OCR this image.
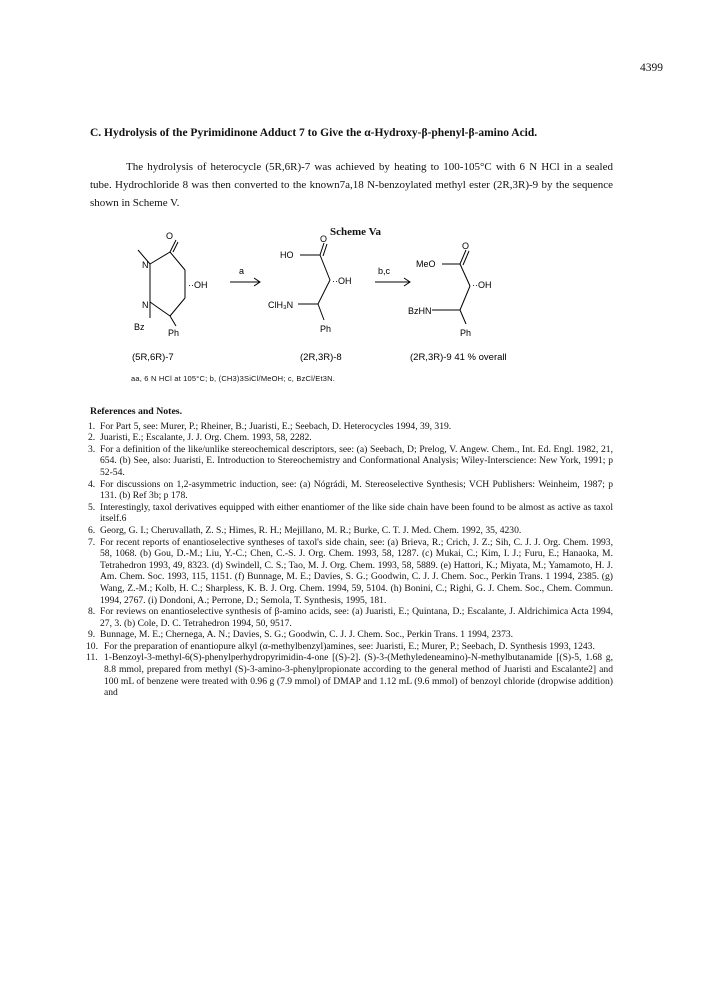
4399
C. Hydrolysis of the Pyrimidinone Adduct 7 to Give the α-Hydroxy-β-phenyl-β-amino Acid.

The hydrolysis of heterocycle (5R,6R)-7 was achieved by heating to 100-105°C with 6 N HCl in a sealed tube. Hydrochloride 8 was then converted to the known7a,18 N-benzoylated methyl ester (2R,3R)-9 by the sequence shown in Scheme V.

Scheme Va
O
N
··OH
N
Bz
Ph
a
O
HO
··OH
ClH₃N
Ph
b,c
O
MeO
··OH
BzHN
Ph
(5R,6R)-7	(2R,3R)-8	(2R,3R)-9 41 % overall
aa, 6 N HCl at 105°C; b, (CH3)3SiCl/MeOH; c, BzCl/Et3N.
References and Notes.
1. For Part 5, see: Murer, P.; Rheiner, B.; Juaristi, E.; Seebach, D. Heterocycles 1994, 39, 319.
2. Juaristi, E.; Escalante, J. J. Org. Chem. 1993, 58, 2282.
3. For a definition of the like/unlike stereochemical descriptors, see: (a) Seebach, D; Prelog, V. Angew. Chem., Int. Ed. Engl. 1982, 21, 654. (b) See, also: Juaristi, E. Introduction to Stereochemistry and Conformational Analysis; Wiley-Interscience: New York, 1991; p 52-54.
4. For discussions on 1,2-asymmetric induction, see: (a) Nógrádi, M. Stereoselective Synthesis; VCH Publishers: Weinheim, 1987; p 131. (b) Ref 3b; p 178.
5. Interestingly, taxol derivatives equipped with either enantiomer of the like side chain have been found to be almost as active as taxol itself.6
6. Georg, G. I.; Cheruvallath, Z. S.; Himes, R. H.; Mejillano, M. R.; Burke, C. T. J. Med. Chem. 1992, 35, 4230.
7. For recent reports of enantioselective syntheses of taxol's side chain, see: (a) Brieva, R.; Crich, J. Z.; Sih, C. J. J. Org. Chem. 1993, 58, 1068. (b) Gou, D.-M.; Liu, Y.-C.; Chen, C.-S. J. Org. Chem. 1993, 58, 1287. (c) Mukai, C.; Kim, I. J.; Furu, E.; Hanaoka, M. Tetrahedron 1993, 49, 8323. (d) Swindell, C. S.; Tao, M. J. Org. Chem. 1993, 58, 5889. (e) Hattori, K.; Miyata, M.; Yamamoto, H. J. Am. Chem. Soc. 1993, 115, 1151. (f) Bunnage, M. E.; Davies, S. G.; Goodwin, C. J. J. Chem. Soc., Perkin Trans. 1 1994, 2385. (g) Wang, Z.-M.; Kolb, H. C.; Sharpless, K. B. J. Org. Chem. 1994, 59, 5104. (h) Bonini, C.; Righi, G. J. Chem. Soc., Chem. Commun. 1994, 2767. (i) Dondoni, A.; Perrone, D.; Semola, T. Synthesis, 1995, 181.
8. For reviews on enantioselective synthesis of β-amino acids, see: (a) Juaristi, E.; Quintana, D.; Escalante, J. Aldrichimica Acta 1994, 27, 3. (b) Cole, D. C. Tetrahedron 1994, 50, 9517.
9. Bunnage, M. E.; Chernega, A. N.; Davies, S. G.; Goodwin, C. J. J. Chem. Soc., Perkin Trans. 1 1994, 2373.
10. For the preparation of enantiopure alkyl (α-methylbenzyl)amines, see: Juaristi, E.; Murer, P.; Seebach, D. Synthesis 1993, 1243.
11. 1-Benzoyl-3-methyl-6(S)-phenylperhydropyrimidin-4-one [(S)-2]. (S)-3-(Methyledeneamino)-N-methylbutanamide [(S)-5, 1.68 g, 8.8 mmol, prepared from methyl (S)-3-amino-3-phenylpropionate according to the general method of Juaristi and Escalante2] and 100 mL of benzene were treated with 0.96 g (7.9 mmol) of DMAP and 1.12 mL (9.6 mmol) of benzoyl chloride (dropwise addition) and
